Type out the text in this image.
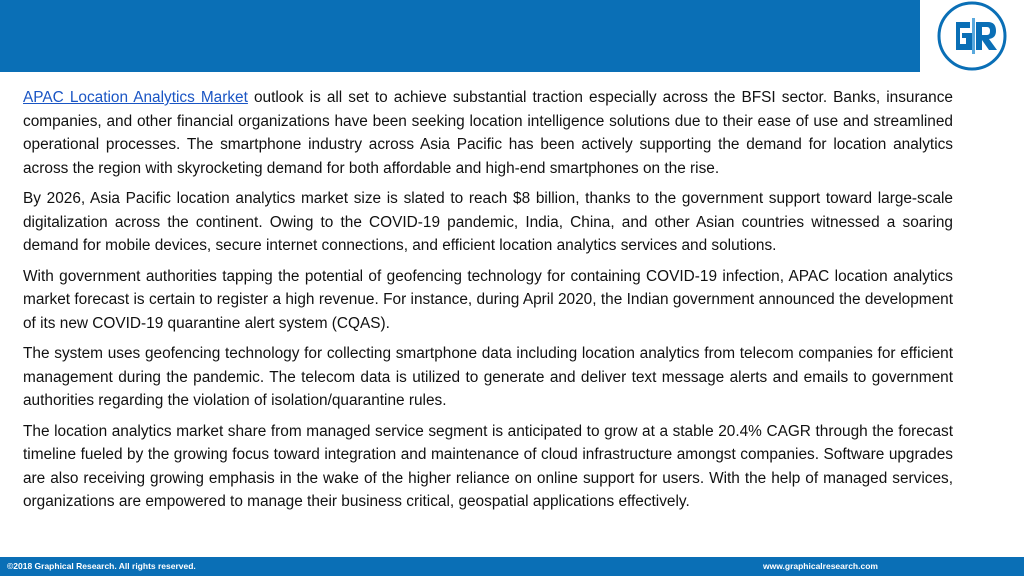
APAC Location Analytics Market outlook is all set to achieve substantial traction especially across the BFSI sector. Banks, insurance companies, and other financial organizations have been seeking location intelligence solutions due to their ease of use and streamlined operational processes. The smartphone industry across Asia Pacific has been actively supporting the demand for location analytics across the region with skyrocketing demand for both affordable and high-end smartphones on the rise.

By 2026, Asia Pacific location analytics market size is slated to reach $8 billion, thanks to the government support toward large-scale digitalization across the continent. Owing to the COVID-19 pandemic, India, China, and other Asian countries witnessed a soaring demand for mobile devices, secure internet connections, and efficient location analytics services and solutions.

With government authorities tapping the potential of geofencing technology for containing COVID-19 infection, APAC location analytics market forecast is certain to register a high revenue. For instance, during April 2020, the Indian government announced the development of its new COVID-19 quarantine alert system (CQAS).

The system uses geofencing technology for collecting smartphone data including location analytics from telecom companies for efficient management during the pandemic. The telecom data is utilized to generate and deliver text message alerts and emails to government authorities regarding the violation of isolation/quarantine rules.

The location analytics market share from managed service segment is anticipated to grow at a stable 20.4% CAGR through the forecast timeline fueled by the growing focus toward integration and maintenance of cloud infrastructure amongst companies. Software upgrades are also receiving growing emphasis in the wake of the higher reliance on online support for users. With the help of managed services, organizations are empowered to manage their business critical, geospatial applications effectively.

©2018 Graphical Research. All rights reserved.	www.graphicalresearch.com
